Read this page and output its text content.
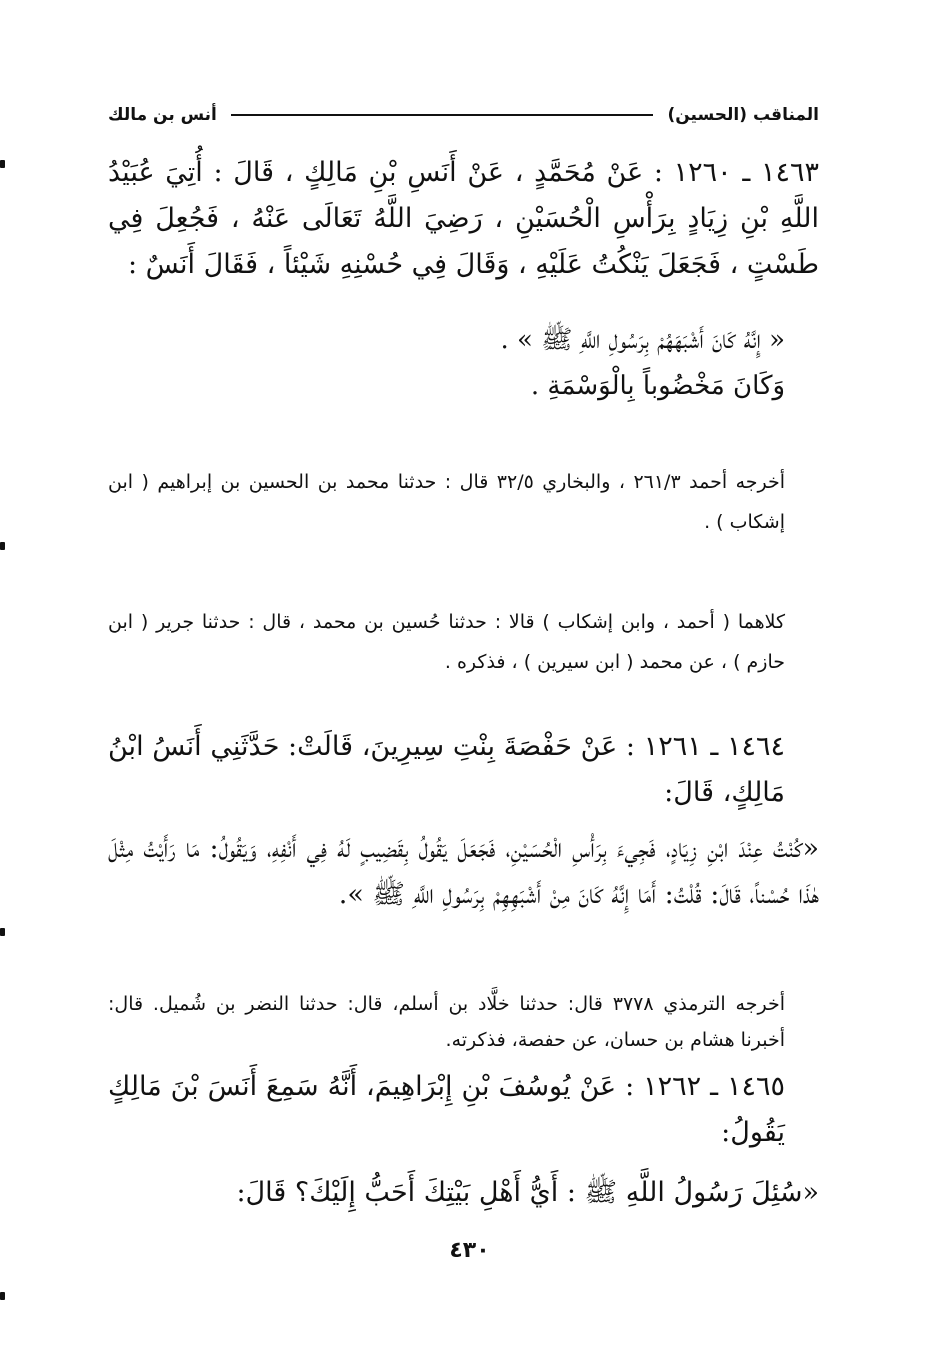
المناقب (الحسين)
أنس بن مالك
١٤٦٣ ـ ١٢٦٠ : عَنْ مُحَمَّدٍ ، عَنْ أَنَسِ بْنِ مَالِكٍ ، قَالَ : أُتِيَ عُبَيْدُ اللَّهِ بْنِ زِيَادٍ بِرَأْسِ الْحُسَيْنِ ، رَضِيَ اللَّهُ تَعَالَى عَنْهُ ، فَجُعِلَ فِي طَسْتٍ ، فَجَعَلَ يَنْكُتُ عَلَيْهِ ، وَقَالَ فِي حُسْنِهِ شَيْئاً ، فَقَالَ أَنَسٌ :
« إِنَّهُ كَانَ أَشْبَهَهُمْ بِرَسُولِ اللَّهِ ﷺ » .
وَكَانَ مَخْضُوباً بِالْوَسْمَةِ .
أخرجه أحمد ٢٦١/٣ ، والبخاري ٣٢/٥ قال : حدثنا محمد بن الحسين بن إبراهيم ( ابن إشكاب ) .
كلاهما ( أحمد ، وابن إشكاب ) قالا : حدثنا حُسين بن محمد ، قال : حدثنا جرير ( ابن حازم ) ، عن محمد ( ابن سيرين ) ، فذكره .
١٤٦٤ ـ ١٢٦١ : عَنْ حَفْصَةَ بِنْتِ سِيرِينَ، قَالَتْ: حَدَّثَنِي أَنَسُ ابْنُ مَالِكٍ، قَالَ:
«كُنْتُ عِنْدَ ابْنِ زِيَادٍ، فَجِيءَ بِرَأْسِ الْحُسَيْنِ، فَجَعَلَ يَقُولُ بِقَضِيبٍ لَهُ فِي أَنْفِهِ، وَيَقُولُ: مَا رَأَيْتُ مِثْلَ هٰذَا حُسْناً، قَالَ: قُلْتُ: أَمَا إِنَّهُ كَانَ مِنْ أَشْبَهِهِمْ بِرَسُولِ اللَّهِ ﷺ ».
أخرجه الترمذي ٣٧٧٨ قال: حدثنا خلَّاد بن أسلم، قال: حدثنا النضر بن شُميل. قال: أخبرنا هشام بن حسان، عن حفصة، فذكرته.
١٤٦٥ ـ ١٢٦٢ : عَنْ يُوسُفَ بْنِ إِبْرَاهِيمَ، أَنَّهُ سَمِعَ أَنَسَ بْنَ مَالِكٍ يَقُولُ:
«سُئِلَ رَسُولُ اللَّهِ ﷺ : أَيُّ أَهْلِ بَيْتِكَ أَحَبُّ إِلَيْكَ؟ قَالَ:
٤٣٠
